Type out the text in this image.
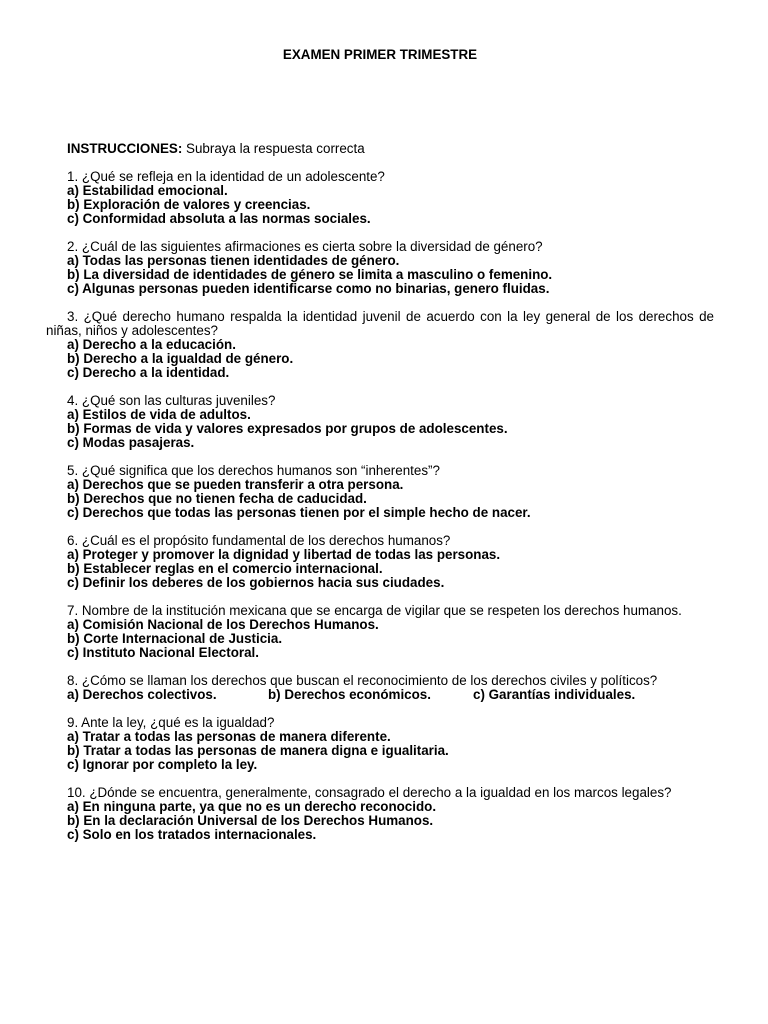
EXAMEN PRIMER TRIMESTRE
INSTRUCCIONES: Subraya la respuesta correcta
1. ¿Qué se refleja en la identidad de un adolescente?
a) Estabilidad emocional.
b) Exploración de valores y creencias.
c) Conformidad absoluta a las normas sociales.
2. ¿Cuál de las siguientes afirmaciones es cierta sobre la diversidad de género?
a) Todas las personas tienen identidades de género.
b) La diversidad de identidades de género se limita a masculino o femenino.
c) Algunas personas pueden identificarse como no binarias, genero fluidas.
3. ¿Qué derecho humano respalda la identidad juvenil de acuerdo con la ley general de los derechos de niñas, niños y adolescentes?
a) Derecho a la educación.
b) Derecho a la igualdad de género.
c) Derecho a la identidad.
4. ¿Qué son las culturas juveniles?
a) Estilos de vida de adultos.
b) Formas de vida y valores expresados por grupos de adolescentes.
c) Modas pasajeras.
5. ¿Qué significa que los derechos humanos son “inherentes”?
a) Derechos que se pueden transferir a otra persona.
b) Derechos que no tienen fecha de caducidad.
c) Derechos que todas las personas tienen por el simple hecho de nacer.
6. ¿Cuál es el propósito fundamental de los derechos humanos?
a) Proteger y promover la dignidad y libertad de todas las personas.
b) Establecer reglas en el comercio internacional.
c) Definir los deberes de los gobiernos hacia sus ciudades.
7. Nombre de la institución mexicana que se encarga de vigilar que se respeten los derechos humanos.
a) Comisión Nacional de los Derechos Humanos.
b) Corte Internacional de Justicia.
c) Instituto Nacional Electoral.
8. ¿Cómo se llaman los derechos que buscan el reconocimiento de los derechos civiles y políticos?
a) Derechos colectivos.	b) Derechos económicos.	c) Garantías individuales.
9. Ante la ley, ¿qué es la igualdad?
a) Tratar a todas las personas de manera diferente.
b) Tratar a todas las personas de manera digna e igualitaria.
c) Ignorar por completo la ley.
10. ¿Dónde se encuentra, generalmente, consagrado el derecho a la igualdad en los marcos legales?
a) En ninguna parte, ya que no es un derecho reconocido.
b) En la declaración Universal de los Derechos Humanos.
c) Solo en los tratados internacionales.
